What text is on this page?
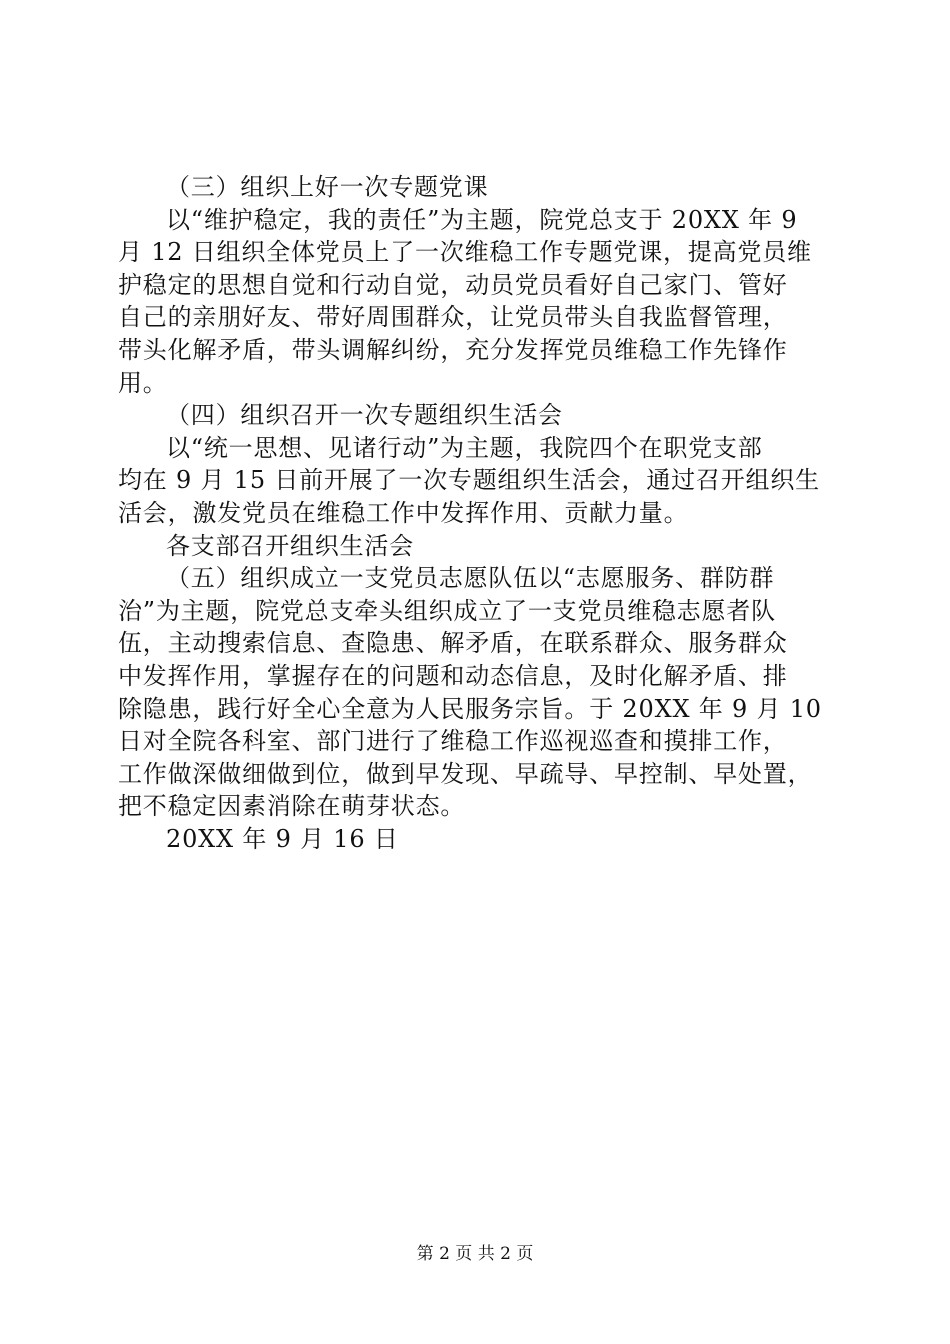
（三）组织上好一次专题党课
以“维护稳定，我的责任”为主题，院党总支于 20XX 年 9
月 12 日组织全体党员上了一次维稳工作专题党课，提高党员维
护稳定的思想自觉和行动自觉，动员党员看好自己家门、管好
自己的亲朋好友、带好周围群众，让党员带头自我监督管理，
带头化解矛盾，带头调解纠纷，充分发挥党员维稳工作先锋作
用。
（四）组织召开一次专题组织生活会
以“统一思想、见诸行动”为主题，我院四个在职党支部
均在 9 月 15 日前开展了一次专题组织生活会，通过召开组织生
活会，激发党员在维稳工作中发挥作用、贡献力量。
各支部召开组织生活会
（五）组织成立一支党员志愿队伍以“志愿服务、群防群
治”为主题，院党总支牵头组织成立了一支党员维稳志愿者队
伍，主动搜索信息、查隐患、解矛盾，在联系群众、服务群众
中发挥作用，掌握存在的问题和动态信息，及时化解矛盾、排
除隐患，践行好全心全意为人民服务宗旨。于 20XX 年 9 月 10
日对全院各科室、部门进行了维稳工作巡视巡查和摸排工作，
工作做深做细做到位，做到早发现、早疏导、早控制、早处置，
把不稳定因素消除在萌芽状态。
20XX 年 9 月 16 日
第 2 页 共 2 页
